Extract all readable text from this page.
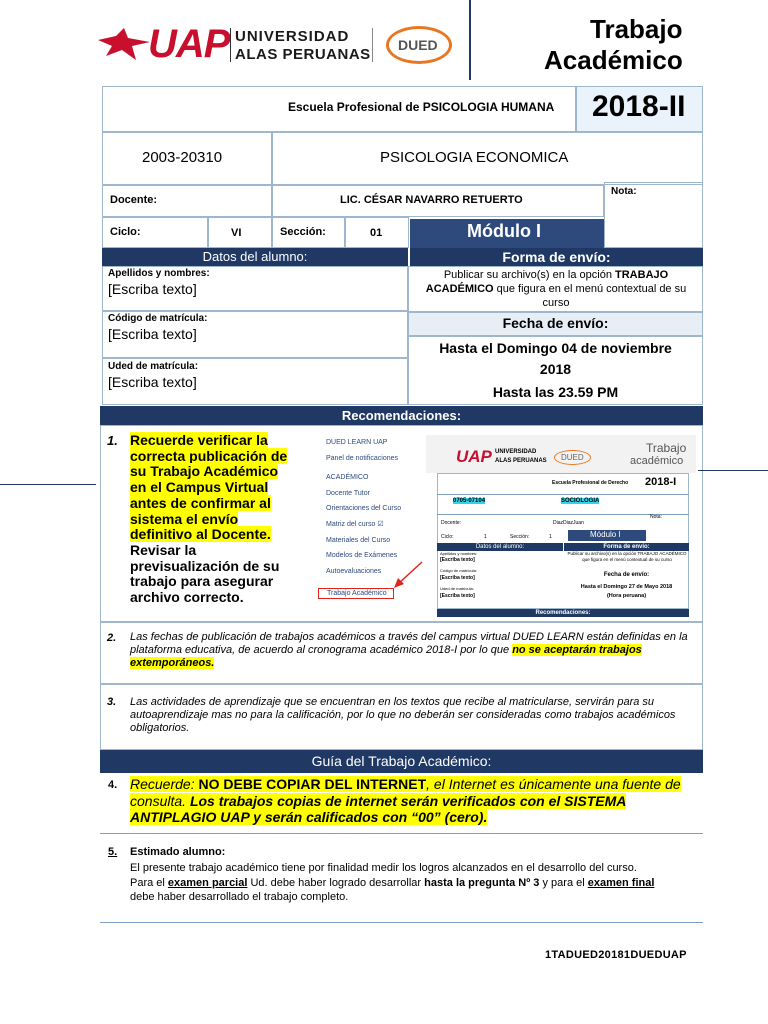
UAP UNIVERSIDAD
ALAS PERUANAS
DUED
Trabajo
Académico
Escuela Profesional de PSICOLOGIA HUMANA 2018-II
2003-20310	PSICOLOGIA ECONOMICA
Docente:	LIC. CÉSAR NAVARRO RETUERTO
Nota:
Ciclo:	VI	Sección:	01	Módulo I
Datos del alumno:	Forma de envío:
Apellidos y nombres:
[Escriba texto]
Código de matrícula:
[Escriba texto]
Uded de matrícula:
[Escriba texto]
Publicar su archivo(s) en la opción TRABAJO ACADÉMICO que figura en el menú contextual de su curso
Fecha de envío:
Hasta el Domingo 04 de noviembre
2018
Hasta las 23.59 PM
Recomendaciones:
1. Recuerde verificar la correcta publicación de su Trabajo Académico en el Campus Virtual antes de confirmar al sistema el envío definitivo al Docente. Revisar la previsualización de su trabajo para asegurar archivo correcto.
DUED LEARN UAP
Panel de notificaciones
ACADÉMICO
Docente Tutor
Orientaciones del Curso
Matriz del curso ☑
Materiales del Curso
Modelos de Exámenes
Autoevaluaciones
Trabajo Académico
UAP UNIVERSIDAD
ALAS PERUANAS	DUED
Trabajo
académico
Escuela Profesional de Derecho 2018-I
0705-07104	SOCIOLOGIA
Docente:	DiazDiazJuan
Nota:
Ciclo:	1	Sección:	1	Módulo I
Datos del alumno:	Forma de envío:
Apellidos y nombres:
[Escriba texto]
Código de matrícula:
[Escriba texto]
Uded de matrícula:
[Escriba texto]
Publicar su archivo(s) en la opción TRABAJO ACADÉMICO que figura en el menú contextual de su curso
Fecha de envío:
Hasta el Domingo 27 de Mayo 2018
(Hora peruana)
Recomendaciones:
2. Las fechas de publicación de trabajos académicos a través del campus virtual DUED LEARN están definidas en la plataforma educativa, de acuerdo al cronograma académico 2018-I por lo que no se aceptarán trabajos extemporáneos.
3. Las actividades de aprendizaje que se encuentran en los textos que recibe al matricularse, servirán para su autoaprendizaje mas no para la calificación, por lo que no deberán ser consideradas como trabajos académicos obligatorios.
Guía del Trabajo Académico:
4. Recuerde: NO DEBE COPIAR DEL INTERNET, el Internet es únicamente una fuente de consulta. Los trabajos copias de internet serán verificados con el SISTEMA ANTIPLAGIO UAP y serán calificados con “00” (cero).
5. Estimado alumno:
El presente trabajo académico tiene por finalidad medir los logros alcanzados en el desarrollo del curso.
Para el examen parcial Ud. debe haber logrado desarrollar hasta la pregunta Nº 3 y para el examen final
debe haber desarrollado el trabajo completo.
1TADUED20181DUEDUAP
